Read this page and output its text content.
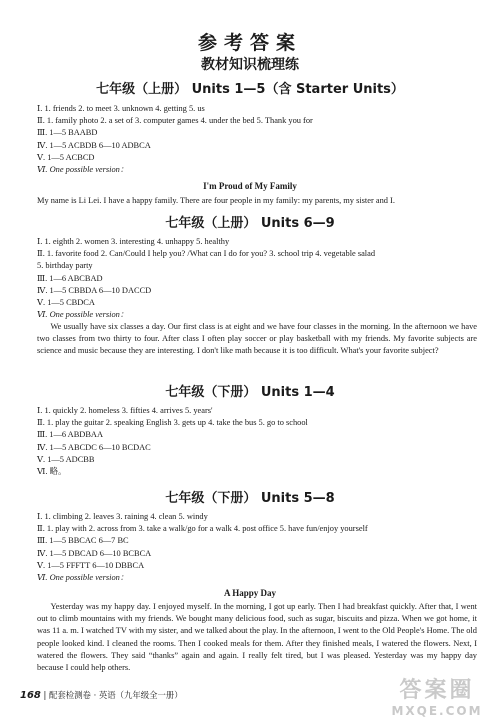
参考答案
教材知识梳理练
七年级（上册） Units 1—5（含 Starter Units）
Ⅰ. 1. friends 2. to meet 3. unknown 4. getting 5. us
Ⅱ. 1. family photo 2. a set of 3. computer games 4. under the bed 5. Thank you for
Ⅲ. 1—5 BAABD
Ⅳ. 1—5 ACBDB 6—10 ADBCA
Ⅴ. 1—5 ACBCD
Ⅵ. One possible version：
I'm Proud of My Family
My name is Li Lei. I have a happy family. There are four people in my family: my parents, my sister and I.
七年级（上册） Units 6—9
Ⅰ. 1. eighth 2. women 3. interesting 4. unhappy 5. healthy
Ⅱ. 1. favorite food 2. Can/Could I help you? /What can I do for you? 3. school trip 4. vegetable salad
5. birthday party
Ⅲ. 1—6 ABCBAD
Ⅳ. 1—5 CBBDA 6—10 DACCD
Ⅴ. 1—5 CBDCA
Ⅵ. One possible version：
We usually have six classes a day. Our first class is at eight and we have four classes in the morning. In the afternoon we have two classes from two thirty to four. After class I often play soccer or play basketball with my friends. My favorite subjects are science and music because they are interesting. I don't like math because it is too difficult. What's your favorite subject?
七年级（下册） Units 1—4
Ⅰ. 1. quickly 2. homeless 3. fifties 4. arrives 5. years'
Ⅱ. 1. play the guitar 2. speaking English 3. gets up 4. take the bus 5. go to school
Ⅲ. 1—6 ABDBAA
Ⅳ. 1—5 ABCDC 6—10 BCDAC
Ⅴ. 1—5 ADCBB
Ⅵ. 略。
七年级（下册） Units 5—8
Ⅰ. 1. climbing 2. leaves 3. raining 4. clean 5. windy
Ⅱ. 1. play with 2. across from 3. take a walk/go for a walk 4. post office 5. have fun/enjoy yourself
Ⅲ. 1—5 BBCAC 6—7 BC
Ⅳ. 1—5 DBCAD 6—10 BCBCA
Ⅴ. 1—5 FFFTT 6—10 DBBCA
Ⅵ. One possible version：
A Happy Day
Yesterday was my happy day. I enjoyed myself. In the morning, I got up early. Then I had breakfast quickly. After that, I went out to climb mountains with my friends. We bought many delicious food, such as sugar, biscuits and pizza. When we got home, it was 11 a. m. I watched TV with my sister, and we talked about the play. In the afternoon, I went to the Old People's Home. The old people looked kind. I cleaned the rooms. Then I cooked meals for them. After they finished meals, I watered the flowers. Next, I watered the flowers. They said “thanks” again and again. I really felt tired, but I was pleased. Yesterday was my happy day because I could help others.
168 | 配套检测卷 · 英语（九年级全一册）	答案圈
MXQE.COM
